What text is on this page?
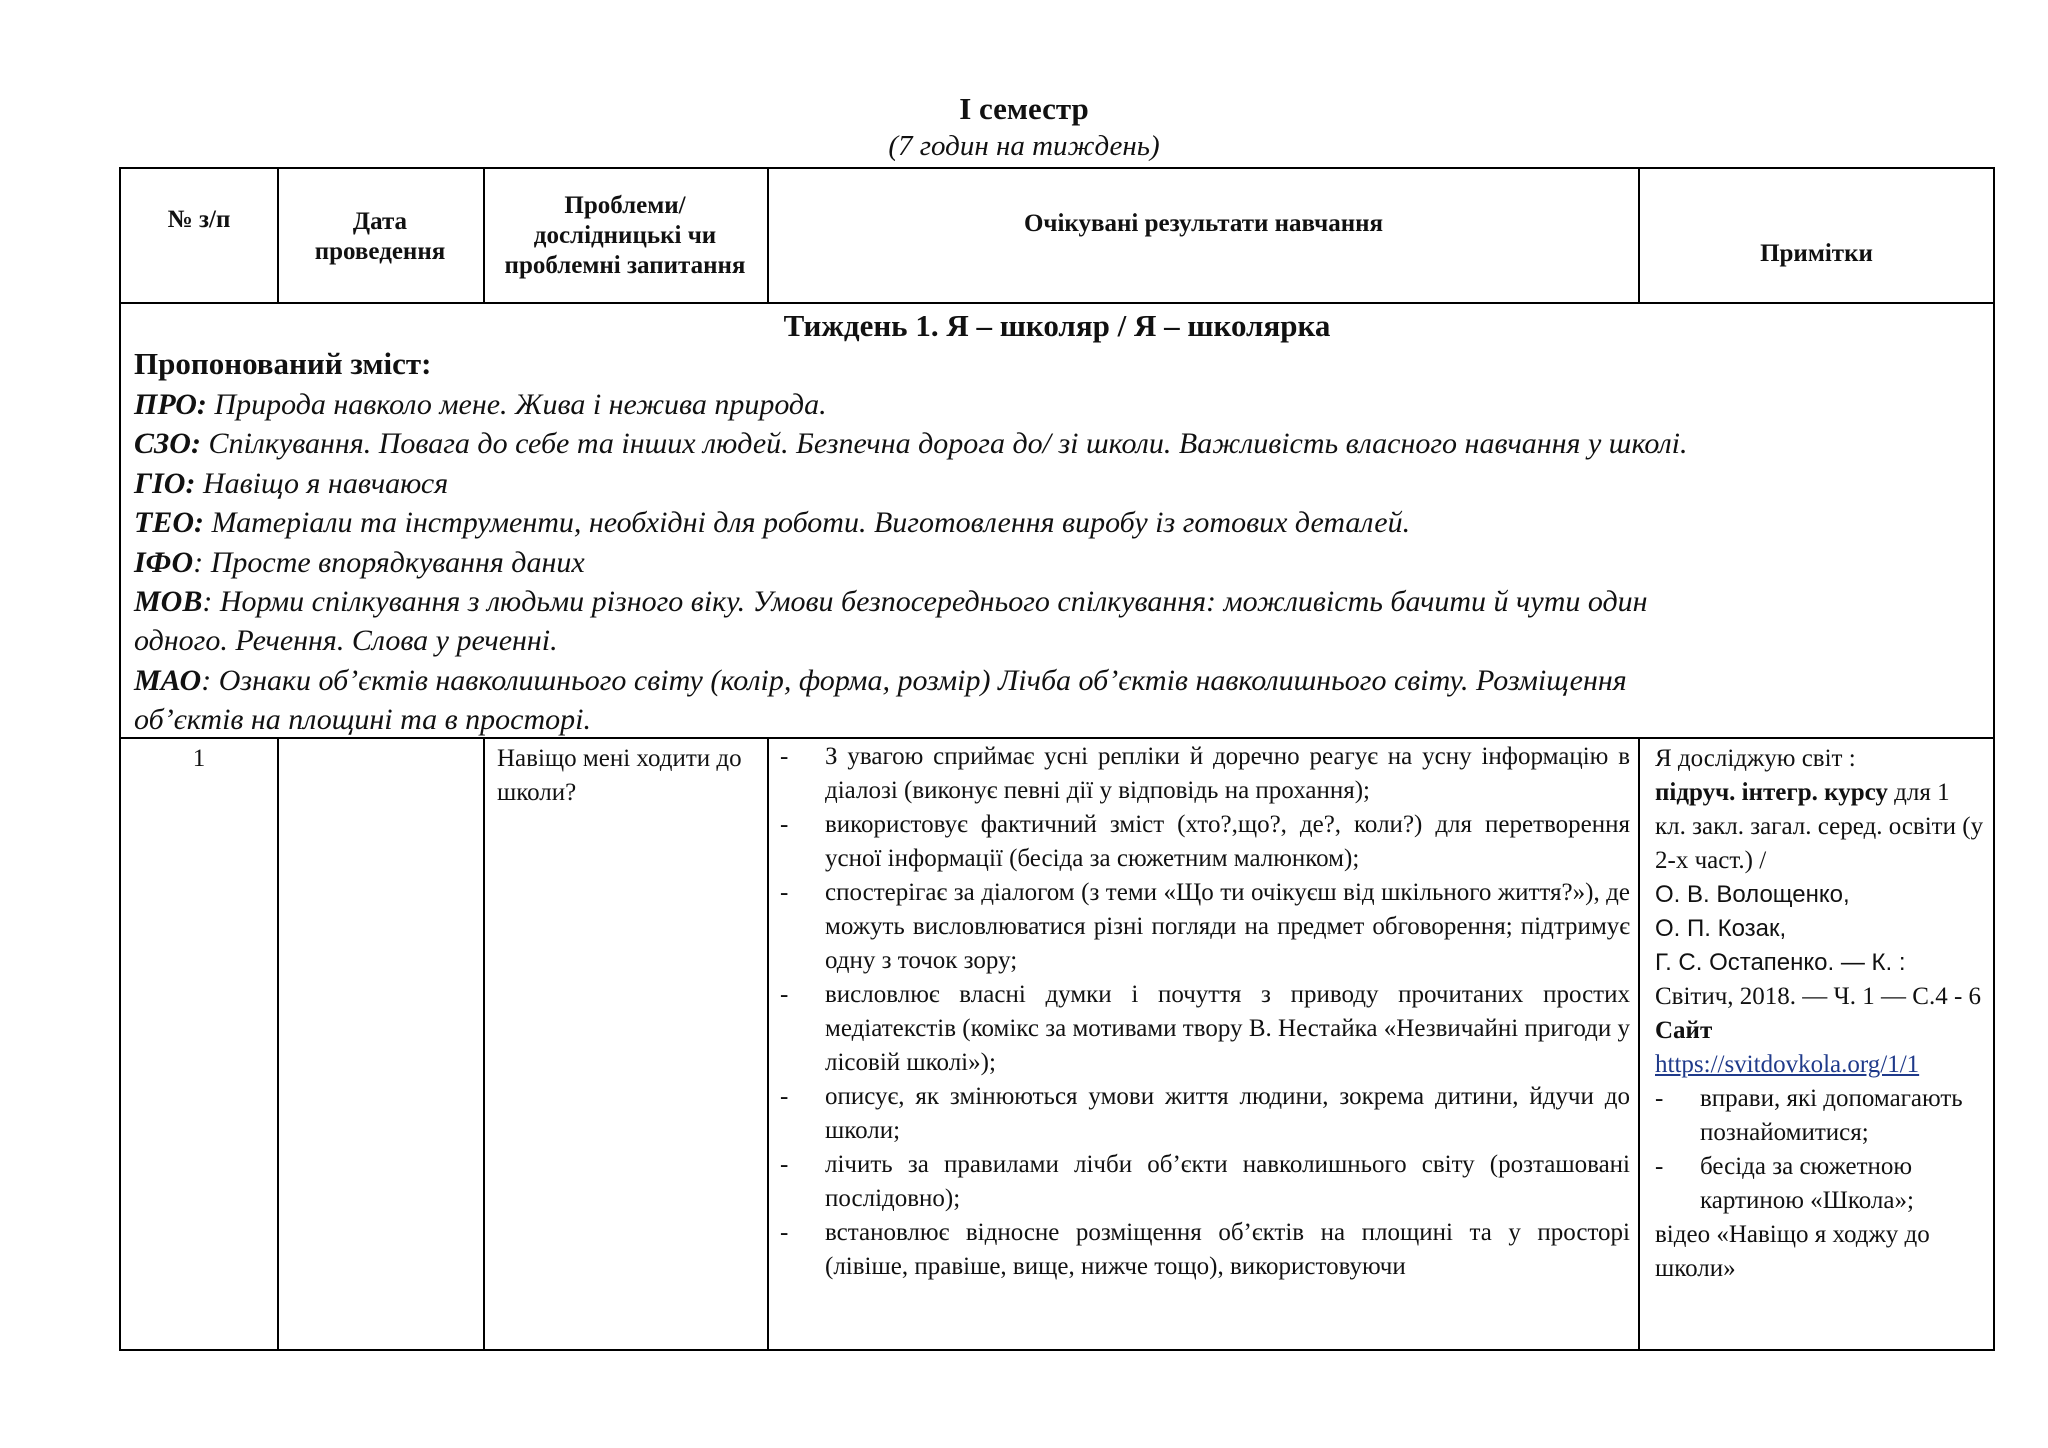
І семестр
(7 годин на тиждень)
№ з/п	Дата проведення
Проблеми/ дослідницькі чи проблемні запитання
Очікувані результати навчання
Примітки
Тиждень 1. Я – школяр / Я – школярка
Пропонований зміст:
ПРО: Природа навколо мене. Жива і нежива природа.
СЗО: Спілкування. Повага до себе та інших людей. Безпечна дорога до/ зі школи. Важливість власного навчання у школі.
ГІО: Навіщо я навчаюся
ТЕО: Матеріали та інструменти, необхідні для роботи. Виготовлення виробу із готових деталей.
ІФО: Просте впорядкування даних
МОВ: Норми спілкування з людьми різного віку. Умови безпосереднього спілкування: можливість бачити й чути один
одного. Речення. Слова у реченні.
МАО: Ознаки об’єктів навколишнього світу (колір, форма, розмір) Лічба об’єктів навколишнього світу. Розміщення
об’єктів на площині та в просторі.
1	Навіщо мені ходити до школи?
- З увагою сприймає усні репліки й доречно реагує на усну інформацію в діалозі (виконує певні дії у відповідь на прохання);
- використовує фактичний зміст (хто?,що?, де?, коли?) для перетворення усної інформації (бесіда за сюжетним малюнком);
- спостерігає за діалогом (з теми «Що ти очікуєш від шкільного життя?»), де можуть висловлюватися різні погляди на предмет обговорення; підтримує одну з точок зору;
- висловлює власні думки і почуття з приводу прочитаних простих медіатекстів (комікс за мотивами твору В. Нестайка «Незвичайні пригоди у лісовій школі»);
- описує, як змінюються умови життя людини, зокрема дитини, йдучи до школи;
- лічить за правилами лічби об’єкти навколишнього світу (розташовані послідовно);
- встановлює відносне розміщення об’єктів на площині та у просторі (лівіше, правіше, вище, нижче тощо), використовуючи
Я досліджую світ :
підруч. інтегр. курсу для 1 кл. закл. загал. серед. освіти (у 2-х част.) /
О. В. Волощенко,
О. П. Козак,
Г. С. Остапенко. — К. :
Світич, 2018. — Ч. 1 — С.4 - 6
Сайт
https://svitdovkola.org/1/1
- вправи, які допомагають познайомитися;
- бесіда за сюжетною картиною «Школа»;
відео «Навіщо я ходжу до школи»
